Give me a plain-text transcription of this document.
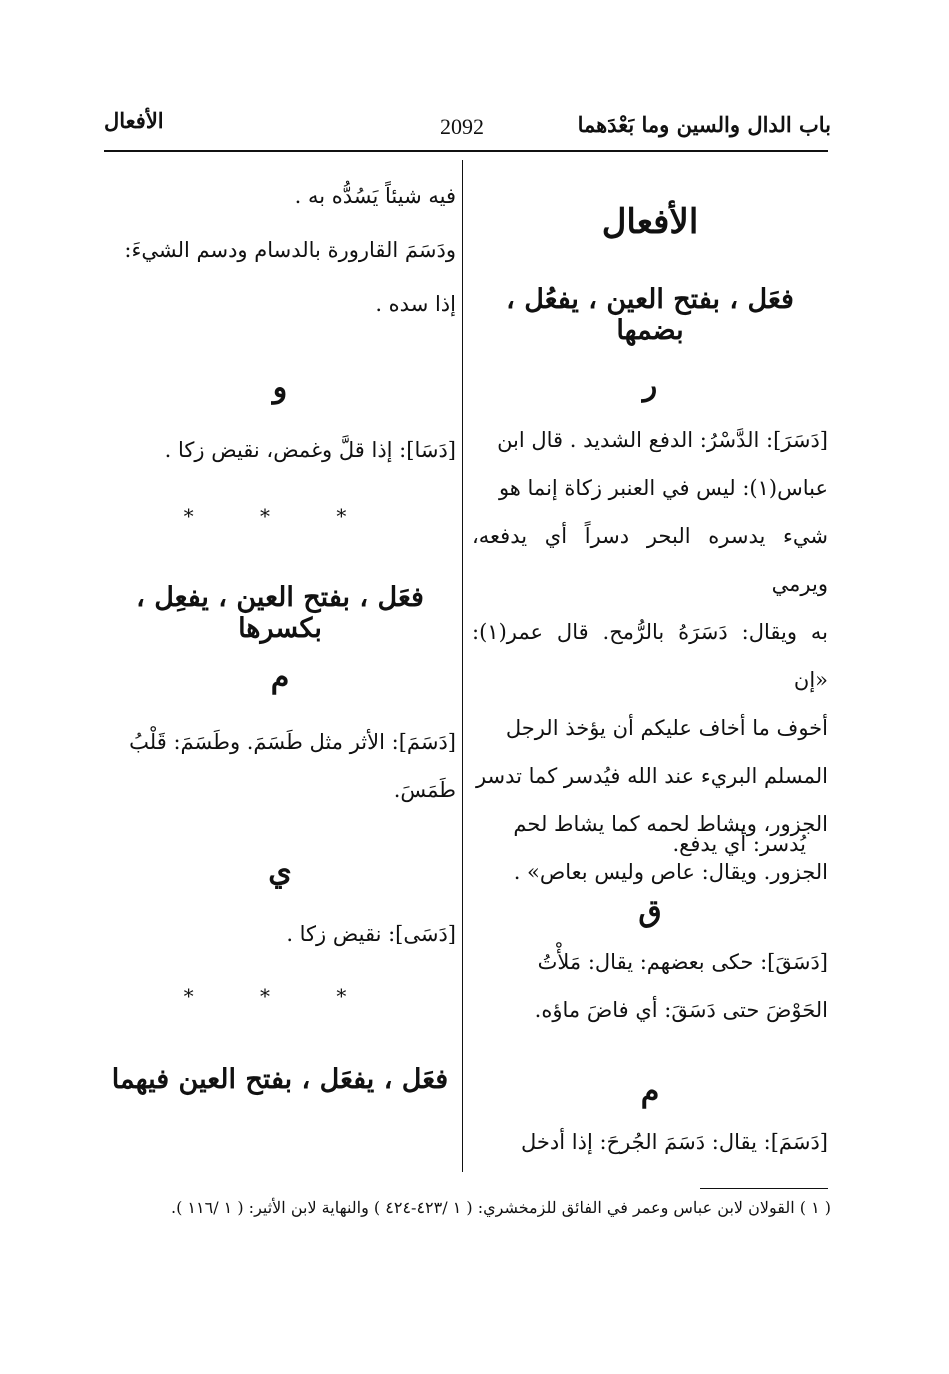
باب الدال والسين وما بَعْدَهما
2092
الأفعال

الأفعال

فعَل ، بفتح العين ، يفعُل ، بضمها

ر

[دَسَرَ]: الدَّسْرُ: الدفع الشديد . قال ابن

عباس(١): ليس في العنبر زكاة إنما هو

شيء يدسره البحر دسراً أي يدفعه، ويرمي

به ويقال: دَسَرَهُ بالرُّمح. قال عمر(١): «إن

أخوف ما أخاف عليكم أن يؤخذ الرجل

المسلم البريء عند الله فيُدسر كما تدسر

الجزور، ويشاط لحمه كما يشاط لحم

الجزور. ويقال: عاص وليس بعاص» .

يُدسر: أي يدفع.

ق

[دَسَقَ]: حكى بعضهم: يقال: مَلأْتُ

الحَوْضَ حتى دَسَقَ: أي فاضَ ماؤه.

م

[دَسَمَ]: يقال: دَسَمَ الجُرحَ: إذا أدخل

فيه شيئاً يَسُدُّه به .

ودَسَمَ القارورة بالدسام ودسم الشيءَ:

إذا سده .

و

[دَسَا]: إذا قلَّ وغمض، نقيض زكا .

* * *

فعَل ، بفتح العين ، يفعِل ، بكسرها

م

[دَسَمَ]: الأثر مثل طَسَمَ. وطَسَمَ: قَلْبُ

طَمَسَ.

ي

[دَسَى]: نقيض زكا .

* * *

فعَل ، يفعَل ، بفتح العين فيهما

( ١ ) القولان لابن عباس وعمر في الفائق للزمخشري: ( ١ /٤٢٣-٤٢٤ ) والنهاية لابن الأثير: ( ١ /١١٦ ).
